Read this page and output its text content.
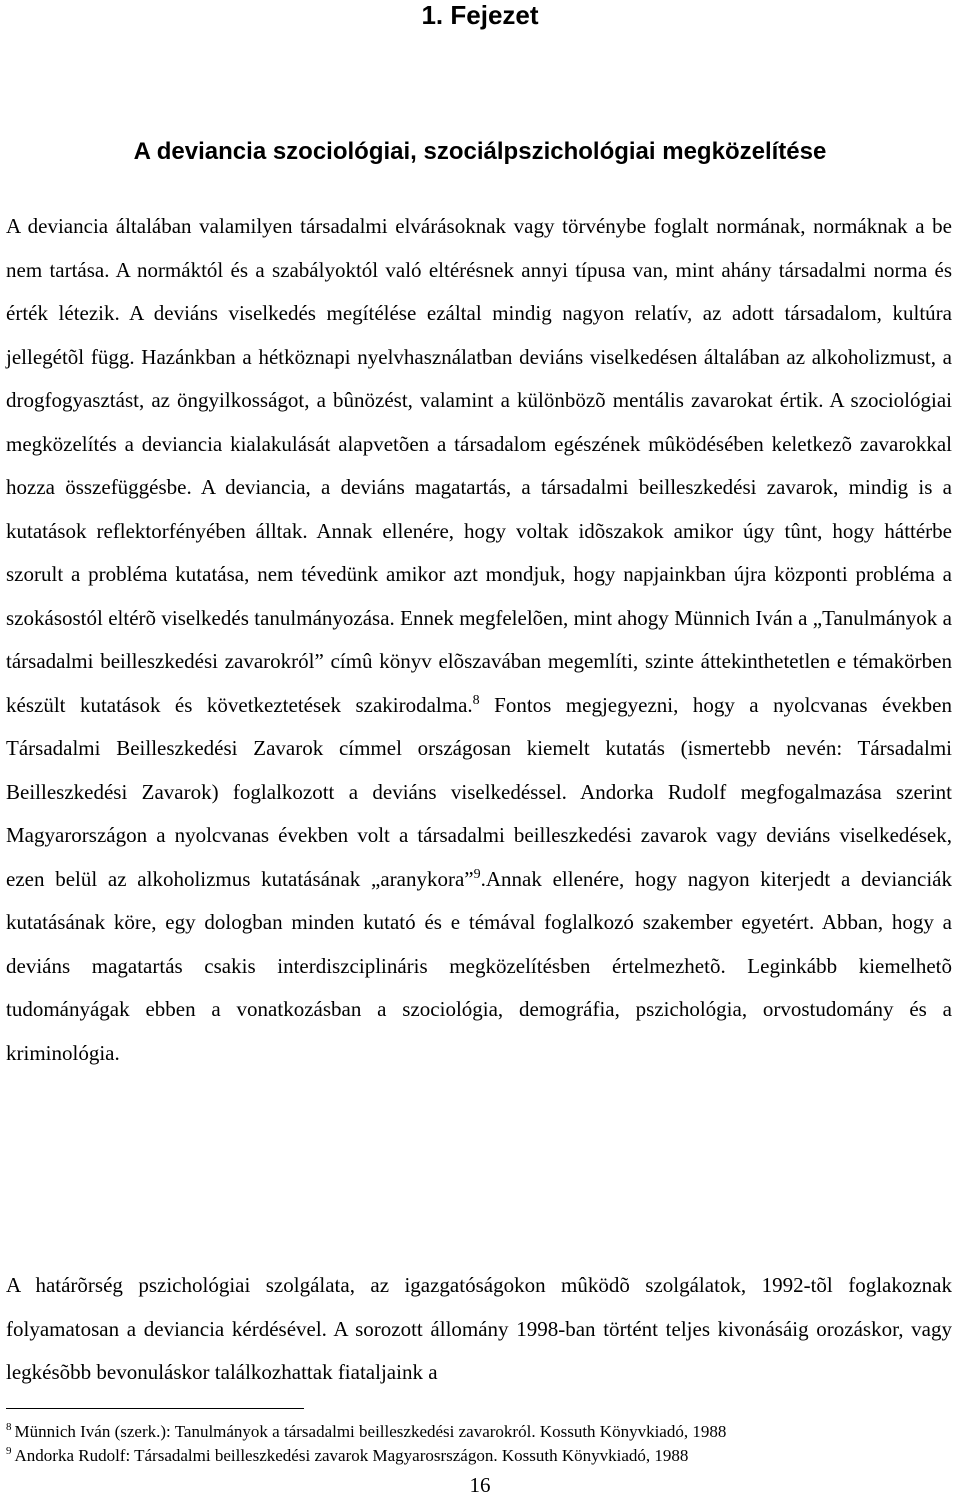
1. Fejezet
A deviancia szociológiai, szociálpszichológiai megközelítése

A deviancia általában valamilyen társadalmi elvárásoknak vagy törvénybe foglalt normának, normáknak a be nem tartása. A normáktól és a szabályoktól való eltérésnek annyi típusa van, mint ahány társadalmi norma és érték létezik. A deviáns viselkedés megítélése ezáltal mindig nagyon relatív, az adott társadalom, kultúra jellegétõl függ. Hazánkban a hétköznapi nyelvhasználatban deviáns viselkedésen általában az alkoholizmust, a drogfogyasztást, az öngyilkosságot, a bûnözést, valamint a különbözõ mentális zavarokat értik. A szociológiai megközelítés a deviancia kialakulását alapvetõen a társadalom egészének mûködésében keletkezõ zavarokkal hozza összefüggésbe. A deviancia, a deviáns magatartás, a társadalmi beilleszkedési zavarok, mindig is a kutatások reflektorfényében álltak. Annak ellenére, hogy voltak idõszakok amikor úgy tûnt, hogy háttérbe szorult a probléma kutatása, nem tévedünk amikor azt mondjuk, hogy napjainkban újra központi probléma a szokásostól eltérõ viselkedés tanulmányozása. Ennek megfelelõen, mint ahogy Münnich Iván a „Tanulmányok a társadalmi beilleszkedési zavarokról” címû könyv elõszavában megemlíti, szinte áttekinthetetlen e témakörben készült kutatások és következtetések szakirodalma.$^8$ Fontos megjegyezni, hogy a nyolcvanas években Társadalmi Beilleszkedési Zavarok címmel országosan kiemelt kutatás (ismertebb nevén: Társadalmi Beilleszkedési Zavarok) foglalkozott a deviáns viselkedéssel. Andorka Rudolf megfogalmazása szerint Magyarországon a nyolcvanas években volt a társadalmi beilleszkedési zavarok vagy deviáns viselkedések, ezen belül az alkoholizmus kutatásának „aranykora”$^9$.Annak ellenére, hogy nagyon kiterjedt a devianciák kutatásának köre, egy dologban minden kutató és e témával foglalkozó szakember egyetért. Abban, hogy a deviáns magatartás csakis interdiszciplináris megközelítésben értelmezhetõ. Leginkább kiemelhetõ tudományágak ebben a vonatkozásban a szociológia, demográfia, pszichológia, orvostudomány és a kriminológia.

A határõrség pszichológiai szolgálata, az igazgatóságokon mûködõ szolgálatok, 1992-tõl foglakoznak folyamatosan a deviancia kérdésével. A sorozott állomány 1998-ban történt teljes kivonásáig orozáskor, vagy legkésõbb bevonuláskor találkozhattak fiataljaink a

$^8$ Münnich Iván (szerk.): Tanulmányok a társadalmi beilleszkedési zavarokról. Kossuth Könyvkiadó, 1988
$^9$ Andorka Rudolf: Társadalmi beilleszkedési zavarok Magyarosrszágon. Kossuth Könyvkiadó, 1988
16
